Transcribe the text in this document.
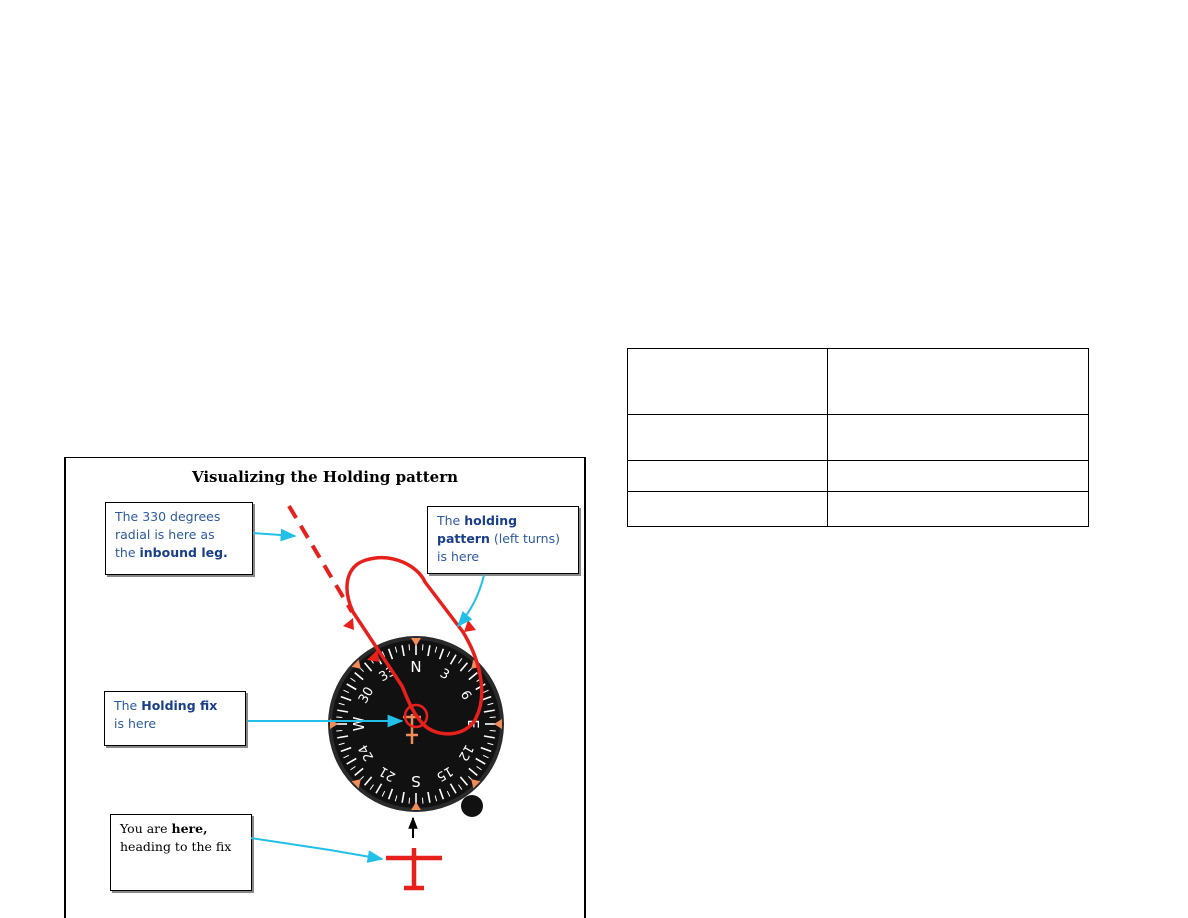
Visualizing the Holding pattern
The 330 degrees
radial is here as
the inbound leg.
The holding
pattern (left turns)
is here
The Holding fix
is here
You are here,
heading to the fix
N 3
6
E
12
15
S
21
24
W
30
33
